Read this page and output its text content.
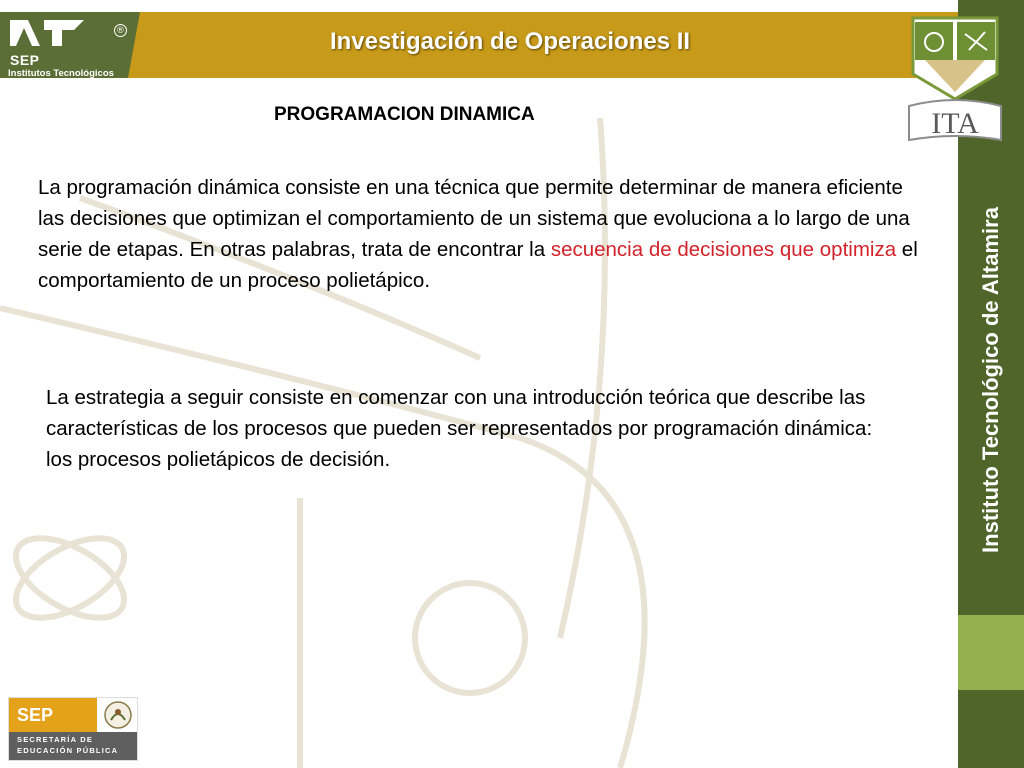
SEP
Institutos Tecnológicos
®	Investigación de Operaciones II
ITA
Instituto Tecnológico de Altamira
PROGRAMACION DINAMICA

La programación dinámica consiste en una técnica que permite determinar de manera eficiente las decisiones que optimizan el comportamiento de un sistema que evoluciona a lo largo de una serie de etapas. En otras palabras, trata de encontrar la secuencia de decisiones que optimiza el comportamiento de un proceso polietápico.

La estrategia a seguir consiste en comenzar con una introducción teórica que describe las características de los procesos que pueden ser representados por programación dinámica: los procesos polietápicos de decisión.

SEP
SECRETARÍA DE
EDUCACIÓN PÚBLICA
